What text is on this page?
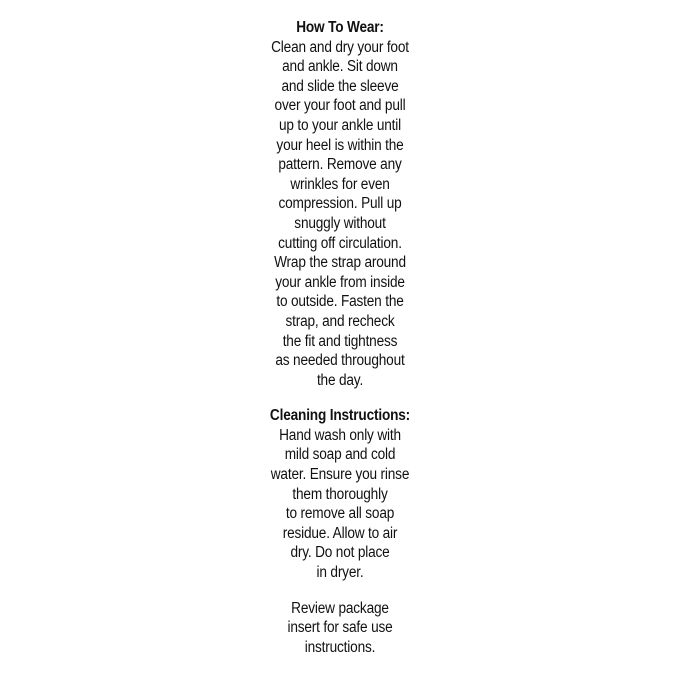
How To Wear:
Clean and dry your foot
and ankle. Sit down
and slide the sleeve
over your foot and pull
up to your ankle until
your heel is within the
pattern. Remove any
wrinkles for even
compression. Pull up
snuggly without
cutting off circulation.
Wrap the strap around
your ankle from inside
to outside. Fasten the
strap, and recheck
the fit and tightness
as needed throughout
the day.
Cleaning Instructions:
Hand wash only with
mild soap and cold
water. Ensure you rinse
them thoroughly
to remove all soap
residue. Allow to air
dry. Do not place
in dryer.
Review package
insert for safe use
instructions.
